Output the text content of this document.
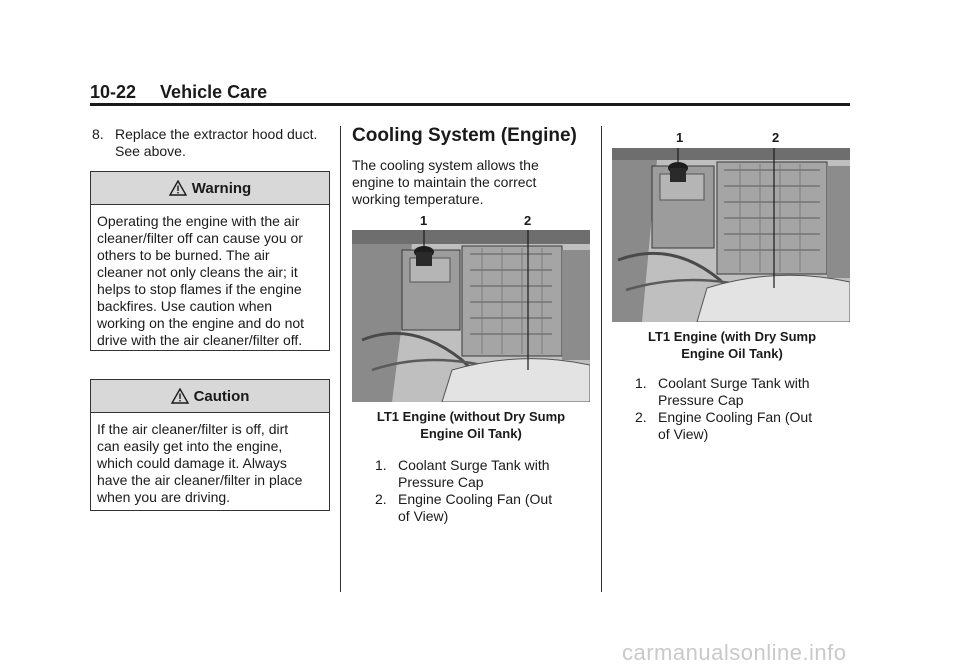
10-22 Vehicle Care
8. Replace the extractor hood duct.
See above.
Warning
Operating the engine with the air
cleaner/filter off can cause you or
others to be burned. The air
cleaner not only cleans the air; it
helps to stop flames if the engine
backfires. Use caution when
working on the engine and do not
drive with the air cleaner/filter off.
Caution
If the air cleaner/filter is off, dirt
can easily get into the engine,
which could damage it. Always
have the air cleaner/filter in place
when you are driving.
Cooling System (Engine)
The cooling system allows the
engine to maintain the correct
working temperature.
1	2
LT1 Engine (without Dry Sump
Engine Oil Tank)
1. Coolant Surge Tank with
Pressure Cap
2. Engine Cooling Fan (Out
of View)
1	2
LT1 Engine (with Dry Sump
Engine Oil Tank)
1. Coolant Surge Tank with
Pressure Cap
2. Engine Cooling Fan (Out
of View)
carmanualsonline.info
